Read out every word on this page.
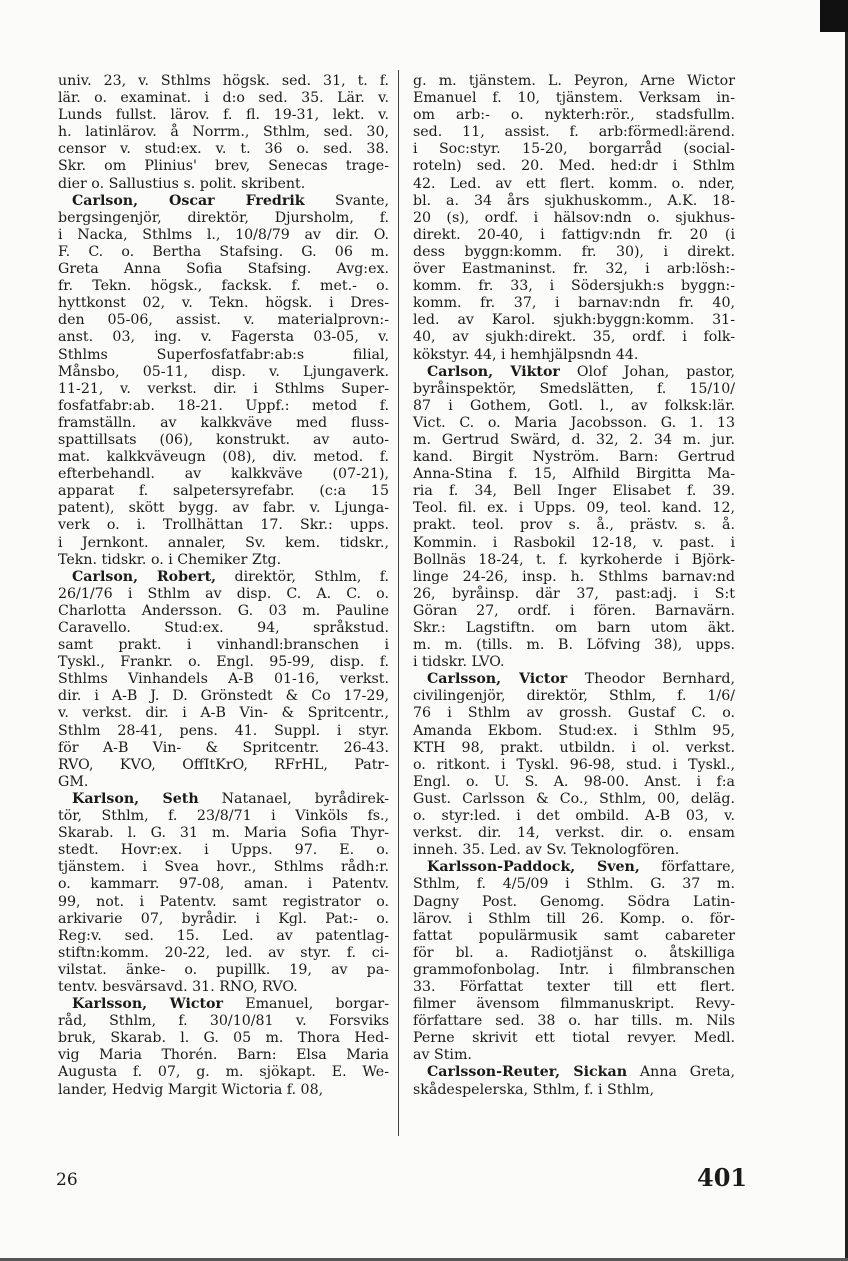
univ. 23, v. Sthlms högsk. sed. 31, t. f.
lär. o. examinat. i d:o sed. 35. Lär. v.
Lunds fullst. lärov. f. fl. 19-31, lekt. v.
h. latinlärov. å Norrm., Sthlm, sed. 30,
censor v. stud:ex. v. t. 36 o. sed. 38.
Skr. om Plinius' brev, Senecas trage-
dier o. Sallustius s. polit. skribent.
Carlson, Oscar Fredrik Svante,
bergsingenjör, direktör, Djursholm, f.
i Nacka, Sthlms l., 10/8/79 av dir. O.
F. C. o. Bertha Stafsing. G. 06 m.
Greta Anna Sofia Stafsing. Avg:ex.
fr. Tekn. högsk., facksk. f. met.- o.
hyttkonst 02, v. Tekn. högsk. i Dres-
den 05-06, assist. v. materialprovn:-
anst. 03, ing. v. Fagersta 03-05, v.
Sthlms Superfosfatfabr:ab:s filial,
Månsbo, 05-11, disp. v. Ljungaverk.
11-21, v. verkst. dir. i Sthlms Super-
fosfatfabr:ab. 18-21. Uppf.: metod f.
framställn. av kalkkväve med fluss-
spattillsats (06), konstrukt. av auto-
mat. kalkkväveugn (08), div. metod. f.
efterbehandl. av kalkkväve (07-21),
apparat f. salpetersyrefabr. (c:a 15
patent), skött bygg. av fabr. v. Ljunga-
verk o. i. Trollhättan 17. Skr.: upps.
i Jernkont. annaler, Sv. kem. tidskr.,
Tekn. tidskr. o. i Chemiker Ztg.
Carlson, Robert, direktör, Sthlm, f.
26/1/76 i Sthlm av disp. C. A. C. o.
Charlotta Andersson. G. 03 m. Pauline
Caravello. Stud:ex. 94, språkstud.
samt prakt. i vinhandl:branschen i
Tyskl., Frankr. o. Engl. 95-99, disp. f.
Sthlms Vinhandels A-B 01-16, verkst.
dir. i A-B J. D. Grönstedt & Co 17-29,
v. verkst. dir. i A-B Vin- & Spritcentr.,
Sthlm 28-41, pens. 41. Suppl. i styr.
för A-B Vin- & Spritcentr. 26-43.
RVO, KVO, OffItKrO, RFrHL, Patr-
GM.
Karlson, Seth Natanael, byrådirek-
tör, Sthlm, f. 23/8/71 i Vinköls fs.,
Skarab. l. G. 31 m. Maria Sofia Thyr-
stedt. Hovr:ex. i Upps. 97. E. o.
tjänstem. i Svea hovr., Sthlms rådh:r.
o. kammarr. 97-08, aman. i Patentv.
99, not. i Patentv. samt registrator o.
arkivarie 07, byrådir. i Kgl. Pat:- o.
Reg:v. sed. 15. Led. av patentlag-
stiftn:komm. 20-22, led. av styr. f. ci-
vilstat. änke- o. pupillk. 19, av pa-
tentv. besvärsavd. 31. RNO, RVO.
Karlsson, Wictor Emanuel, borgar-
råd, Sthlm, f. 30/10/81 v. Forsviks
bruk, Skarab. l. G. 05 m. Thora Hed-
vig Maria Thorén. Barn: Elsa Maria
Augusta f. 07, g. m. sjökapt. E. We-
lander, Hedvig Margit Wictoria f. 08,
g. m. tjänstem. L. Peyron, Arne Wictor
Emanuel f. 10, tjänstem. Verksam in-
om arb:- o. nykterh:rör., stadsfullm.
sed. 11, assist. f. arb:förmedl:ärend.
i Soc:styr. 15-20, borgarråd (social-
roteln) sed. 20. Med. hed:dr i Sthlm
42. Led. av ett flert. komm. o. nder,
bl. a. 34 års sjukhuskomm., A.K. 18-
20 (s), ordf. i hälsov:ndn o. sjukhus-
direkt. 20-40, i fattigv:ndn fr. 20 (i
dess byggn:komm. fr. 30), i direkt.
över Eastmaninst. fr. 32, i arb:lösh:-
komm. fr. 33, i Södersjukh:s byggn:-
komm. fr. 37, i barnav:ndn fr. 40,
led. av Karol. sjukh:byggn:komm. 31-
40, av sjukh:direkt. 35, ordf. i folk-
kökstyr. 44, i hemhjälpsndn 44.
Carlson, Viktor Olof Johan, pastor,
byråinspektör, Smedslätten, f. 15/10/
87 i Gothem, Gotl. l., av folksk:lär.
Vict. C. o. Maria Jacobsson. G. 1. 13
m. Gertrud Swärd, d. 32, 2. 34 m. jur.
kand. Birgit Nyström. Barn: Gertrud
Anna-Stina f. 15, Alfhild Birgitta Ma-
ria f. 34, Bell Inger Elisabet f. 39.
Teol. fil. ex. i Upps. 09, teol. kand. 12,
prakt. teol. prov s. å., prästv. s. å.
Kommin. i Rasbokil 12-18, v. past. i
Bollnäs 18-24, t. f. kyrkoherde i Björk-
linge 24-26, insp. h. Sthlms barnav:nd
26, byråinsp. där 37, past:adj. i S:t
Göran 27, ordf. i fören. Barnavärn.
Skr.: Lagstiftn. om barn utom äkt.
m. m. (tills. m. B. Löfving 38), upps.
i tidskr. LVO.
Carlsson, Victor Theodor Bernhard,
civilingenjör, direktör, Sthlm, f. 1/6/
76 i Sthlm av grossh. Gustaf C. o.
Amanda Ekbom. Stud:ex. i Sthlm 95,
KTH 98, prakt. utbildn. i ol. verkst.
o. ritkont. i Tyskl. 96-98, stud. i Tyskl.,
Engl. o. U. S. A. 98-00. Anst. i f:a
Gust. Carlsson & Co., Sthlm, 00, deläg.
o. styr:led. i det ombild. A-B 03, v.
verkst. dir. 14, verkst. dir. o. ensam
inneh. 35. Led. av Sv. Teknologfören.
Karlsson-Paddock, Sven, författare,
Sthlm, f. 4/5/09 i Sthlm. G. 37 m.
Dagny Post. Genomg. Södra Latin-
lärov. i Sthlm till 26. Komp. o. för-
fattat populärmusik samt cabareter
för bl. a. Radiotjänst o. åtskilliga
grammofonbolag. Intr. i filmbranschen
33. Författat texter till ett flert.
filmer ävensom filmmanuskript. Revy-
författare sed. 38 o. har tills. m. Nils
Perne skrivit ett tiotal revyer. Medl.
av Stim.
Carlsson-Reuter, Sickan Anna Greta,
skådespelerska, Sthlm, f. i Sthlm,
26	401
